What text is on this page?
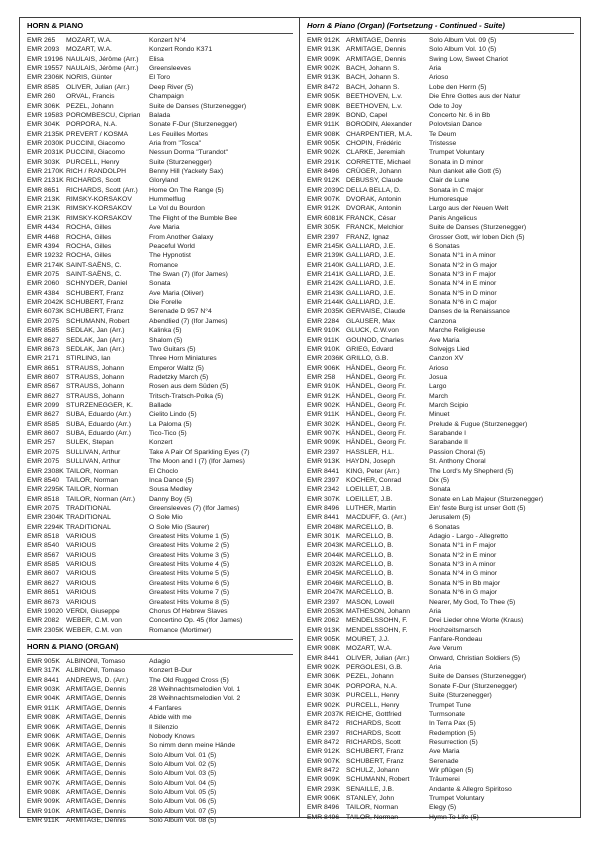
HORN & PIANO
EMR 265	MOZART, W.A.	Konzert N°4
EMR 2093	MOZART, W.A.	Konzert Rondo K371
EMR 19196 NAULAIS, Jérôme (Arr.)	Elisa
EMR 19557 NAULAIS, Jérôme (Arr.)	Greensleeves
EMR 2306K NORIS, Günter	El Toro
EMR 8585	OLIVER, Julian (Arr.)	Deep River (5)
EMR 260	ORVAL, Francis	Champaign
EMR 306K PEZEL, Johann	Suite de Danses (Sturzenegger)
EMR 19583 POROMBESCU, Ciprian	Balada
EMR 304K PORPORA, N.A.	Sonate F-Dur (Sturzenegger)
EMR 2135K PREVERT / KOSMA	Les Feuilles Mortes
EMR 2030K PUCCINI, Giacomo	Aria from "Tosca"
EMR 2031K PUCCINI, Giacomo	Nessun Dorma "Turandot"
EMR 303K PURCELL, Henry	Suite (Sturzenegger)
EMR 2170K RICH / RANDOLPH	Benny Hill (Yackety Sax)
EMR 2131K RICHARDS, Scott	Gloryland
EMR 8651	RICHARDS, Scott (Arr.)	Home On The Range (5)
EMR 213K RIMSKY-KORSAKOV	Hummelflug
EMR 213K RIMSKY-KORSAKOV	Le Vol du Bourdon
EMR 213K RIMSKY-KORSAKOV	The Flight of the Bumble Bee
EMR 4434	ROCHA, Gilles	Ave Maria
EMR 4468	ROCHA, Gilles	From Another Galaxy
EMR 4394	ROCHA, Gilles	Peaceful World
EMR 19232 ROCHA, Gilles	The Hypnotist
EMR 2174K SAINT-SAËNS, C.	Romance
EMR 2075	SAINT-SAËNS, C.	The Swan (7) (Ifor James)
EMR 2060	SCHNYDER, Daniel	Sonata
EMR 4384	SCHUBERT, Franz	Ave Maria (Oliver)
EMR 2042K SCHUBERT, Franz	Die Forelle
EMR 6073K SCHUBERT, Franz	Serenade D 957 N°4
EMR 2075	SCHUMANN, Robert	Abendlied (7) (Ifor James)
EMR 8585	SEDLAK, Jan (Arr.)	Kalinka (5)
EMR 8627	SEDLAK, Jan (Arr.)	Shalom (5)
EMR 8673	SEDLAK, Jan (Arr.)	Two Guitars (5)
EMR 2171	STIRLING, Ian	Three Horn Miniatures
EMR 8651	STRAUSS, Johann	Emperor Waltz (5)
EMR 8607	STRAUSS, Johann	Radetzky March (5)
EMR 8567	STRAUSS, Johann	Rosen aus dem Süden (5)
EMR 8627	STRAUSS, Johann	Tritsch-Tratsch-Polka (5)
EMR 2099	STURZENEGGER, K.	Ballade
EMR 8627	SUBA, Eduardo (Arr.)	Cielito Lindo (5)
EMR 8585	SUBA, Eduardo (Arr.)	La Paloma (5)
EMR 8607	SUBA, Eduardo (Arr.)	Tico-Tico (5)
EMR 257	SULEK, Stepan	Konzert
EMR 2075	SULLIVAN, Arthur	Take A Pair Of Sparkling Eyes (7)
EMR 2075	SULLIVAN, Arthur	The Moon and I (7) (Ifor James)
EMR 2308K TAILOR, Norman	El Choclo
EMR 8540	TAILOR, Norman	Inca Dance (5)
EMR 2295K TAILOR, Norman	Sousa Medley
EMR 8518	TAILOR, Norman (Arr.)	Danny Boy (5)
EMR 2075	TRADITIONAL	Greensleeves (7) (Ifor James)
EMR 2304K TRADITIONAL	O Sole Mio
EMR 2294K TRADITIONAL	O Sole Mio (Saurer)
EMR 8518	VARIOUS	Greatest Hits Volume 1 (5)
EMR 8540	VARIOUS	Greatest Hits Volume 2 (5)
EMR 8567	VARIOUS	Greatest Hits Volume 3 (5)
EMR 8585	VARIOUS	Greatest Hits Volume 4 (5)
EMR 8607	VARIOUS	Greatest Hits Volume 5 (5)
EMR 8627	VARIOUS	Greatest Hits Volume 6 (5)
EMR 8651	VARIOUS	Greatest Hits Volume 7 (5)
EMR 8673	VARIOUS	Greatest Hits Volume 8 (5)
EMR 19020 VERDI, Giuseppe	Chorus Of Hebrew Slaves
EMR 2082	WEBER, C.M. von	Concertino Op. 45 (Ifor James)
EMR 2305K WEBER, C.M. von	Romance (Mortimer)
HORN & PIANO (ORGAN)
EMR 905K ALBINONI, Tomaso	Adagio
EMR 317K ALBINONI, Tomaso	Konzert B-Dur
EMR 8441	ANDREWS, D. (Arr.)	The Old Rugged Cross (5)
EMR 903K ARMITAGE, Dennis	28 Weihnachtsmelodien Vol. 1
EMR 904K ARMITAGE, Dennis	28 Weihnachtsmelodien Vol. 2
EMR 911K ARMITAGE, Dennis	4 Fanfares
EMR 908K ARMITAGE, Dennis	Abide with me
EMR 906K ARMITAGE, Dennis	Il Silenzio
EMR 906K ARMITAGE, Dennis	Nobody Knows
EMR 906K ARMITAGE, Dennis	So nimm denn meine Hände
EMR 902K ARMITAGE, Dennis	Solo Album Vol. 01 (5)
EMR 905K ARMITAGE, Dennis	Solo Album Vol. 02 (5)
EMR 906K ARMITAGE, Dennis	Solo Album Vol. 03 (5)
EMR 907K ARMITAGE, Dennis	Solo Album Vol. 04 (5)
EMR 908K ARMITAGE, Dennis	Solo Album Vol. 05 (5)
EMR 909K ARMITAGE, Dennis	Solo Album Vol. 06 (5)
EMR 910K ARMITAGE, Dennis	Solo Album Vol. 07 (5)
EMR 911K ARMITAGE, Dennis	Solo Album Vol. 08 (5)
Horn & Piano (Organ) (Fortsetzung - Continued - Suite)
EMR 912K ARMITAGE, Dennis	Solo Album Vol. 09 (5)
EMR 913K ARMITAGE, Dennis	Solo Album Vol. 10 (5)
EMR 909K ARMITAGE, Dennis	Swing Low, Sweet Chariot
EMR 902K BACH, Johann S.	Aria
EMR 913K BACH, Johann S.	Arioso
EMR 8472	BACH, Johann S.	Lobe den Herrn (5)
EMR 905K BEETHOVEN, L.v.	Die Ehre Gottes aus der Natur
EMR 908K BEETHOVEN, L.v.	Ode to Joy
EMR 289K BOND, Capel	Concerto Nr. 6 in Bb
EMR 911K BORODIN, Alexander	Polovtsian Dance
EMR 908K CHARPENTIER, M.A.	Te Deum
EMR 905K CHOPIN, Frédéric	Tristesse
EMR 902K CLARKE, Jeremiah	Trumpet Voluntary
EMR 291K CORRETTE, Michael	Sonata in D minor
EMR 8496	CRÜGER, Johann	Nun danket alle Gott (5)
EMR 912K DEBUSSY, Claude	Clair de Lune
EMR 2039C DELLA BELLA, D.	Sonata in C major
EMR 907K DVORAK, Antonin	Humoresque
EMR 912K DVORAK, Antonin	Largo aus der Neuen Welt
EMR 6081K FRANCK, César	Panis Angelicus
EMR 305K FRANCK, Melchior	Suite de Danses (Sturzenegger)
EMR 2397	FRANZ, Ignaz	Grosser Gott, wir loben Dich (5)
EMR 2145K GALLIARD, J.E.	6 Sonatas
EMR 2139K GALLIARD, J.E.	Sonata N°1 in A minor
EMR 2140K GALLIARD, J.E.	Sonata N°2 in G major
EMR 2141K GALLIARD, J.E.	Sonata N°3 in F major
EMR 2142K GALLIARD, J.E.	Sonata N°4 in E minor
EMR 2143K GALLIARD, J.E.	Sonata N°5 in D minor
EMR 2144K GALLIARD, J.E.	Sonata N°6 in C major
EMR 2035K GERVAISE, Claude	Danses de la Renaissance
EMR 2284	GLAUSER, Max	Canzona
EMR 910K GLUCK, C.W.von	Marche Religieuse
EMR 911K GOUNOD, Charles	Ave Maria
EMR 910K GRIEG, Edvard	Solvejgs Lied
EMR 2036K GRILLO, G.B.	Canzon XV
EMR 906K HÄNDEL, Georg Fr.	Arioso
EMR 258	HÄNDEL, Georg Fr.	Josua
EMR 910K HÄNDEL, Georg Fr.	Largo
EMR 912K HÄNDEL, Georg Fr.	March
EMR 902K HÄNDEL, Georg Fr.	March Scipio
EMR 911K HÄNDEL, Georg Fr.	Minuet
EMR 302K HÄNDEL, Georg Fr.	Prelude & Fugue (Sturzenegger)
EMR 907K HÄNDEL, Georg Fr.	Sarabande I
EMR 909K HÄNDEL, Georg Fr.	Sarabande II
EMR 2397	HASSLER, H.L.	Passion Choral (5)
EMR 913K HAYDN, Joseph	St. Anthony Choral
EMR 8441	KING, Peter (Arr.)	The Lord's My Shepherd (5)
EMR 2397	KOCHER, Conrad	Dix (5)
EMR 2342	LOEILLET, J.B.	Sonata
EMR 307K LOEILLET, J.B.	Sonate en Lab Majeur (Sturzenegger)
EMR 8496	LUTHER, Martin	Ein' feste Burg ist unser Gott (5)
EMR 8441	MACDUFF, G. (Arr.)	Jerusalem (5)
EMR 2048K MARCELLO, B.	6 Sonatas
EMR 301K MARCELLO, B.	Adagio - Largo - Allegretto
EMR 2043K MARCELLO, B.	Sonata N°1 in F major
EMR 2044K MARCELLO, B.	Sonata N°2 in E minor
EMR 2032K MARCELLO, B.	Sonata N°3 in A minor
EMR 2045K MARCELLO, B.	Sonata N°4 in G minor
EMR 2046K MARCELLO, B.	Sonata N°5 in Bb major
EMR 2047K MARCELLO, B.	Sonata N°6 in G major
EMR 2397	MASON, Lowell	Nearer, My God, To Thee (5)
EMR 2053K MATHESON, Johann	Aria
EMR 2062	MENDELSSOHN, F.	Drei Lieder ohne Worte (Kraus)
EMR 913K MENDELSSOHN, F.	Hochzeitsmarsch
EMR 905K MOURET, J.J.	Fanfare-Rondeau
EMR 908K MOZART, W.A.	Ave Verum
EMR 8441	OLIVER, Julian (Arr.)	Onward, Christian Soldiers (5)
EMR 902K PERGOLESI, G.B.	Aria
EMR 306K PEZEL, Johann	Suite de Danses (Sturzenegger)
EMR 304K PORPORA, N.A.	Sonate F-Dur (Sturzenegger)
EMR 303K PURCELL, Henry	Suite (Sturzenegger)
EMR 902K PURCELL, Henry	Trumpet Tune
EMR 2037K REICHE, Gottfried	Turmsonate
EMR 8472	RICHARDS, Scott	In Terra Pax (5)
EMR 2397	RICHARDS, Scott	Redemption (5)
EMR 8472	RICHARDS, Scott	Resurrection (5)
EMR 912K SCHUBERT, Franz	Ave Maria
EMR 907K SCHUBERT, Franz	Serenade
EMR 8472	SCHULZ, Johann	Wir pflügen (5)
EMR 909K SCHUMANN, Robert	Träumerei
EMR 293K SENAILLE, J.B.	Andante & Allegro Spiritoso
EMR 906K STANLEY, John	Trumpet Voluntary
EMR 8496	TAILOR, Norman	Elegy (5)
EMR 8496	TAILOR, Norman	Hymn To Life (5)
